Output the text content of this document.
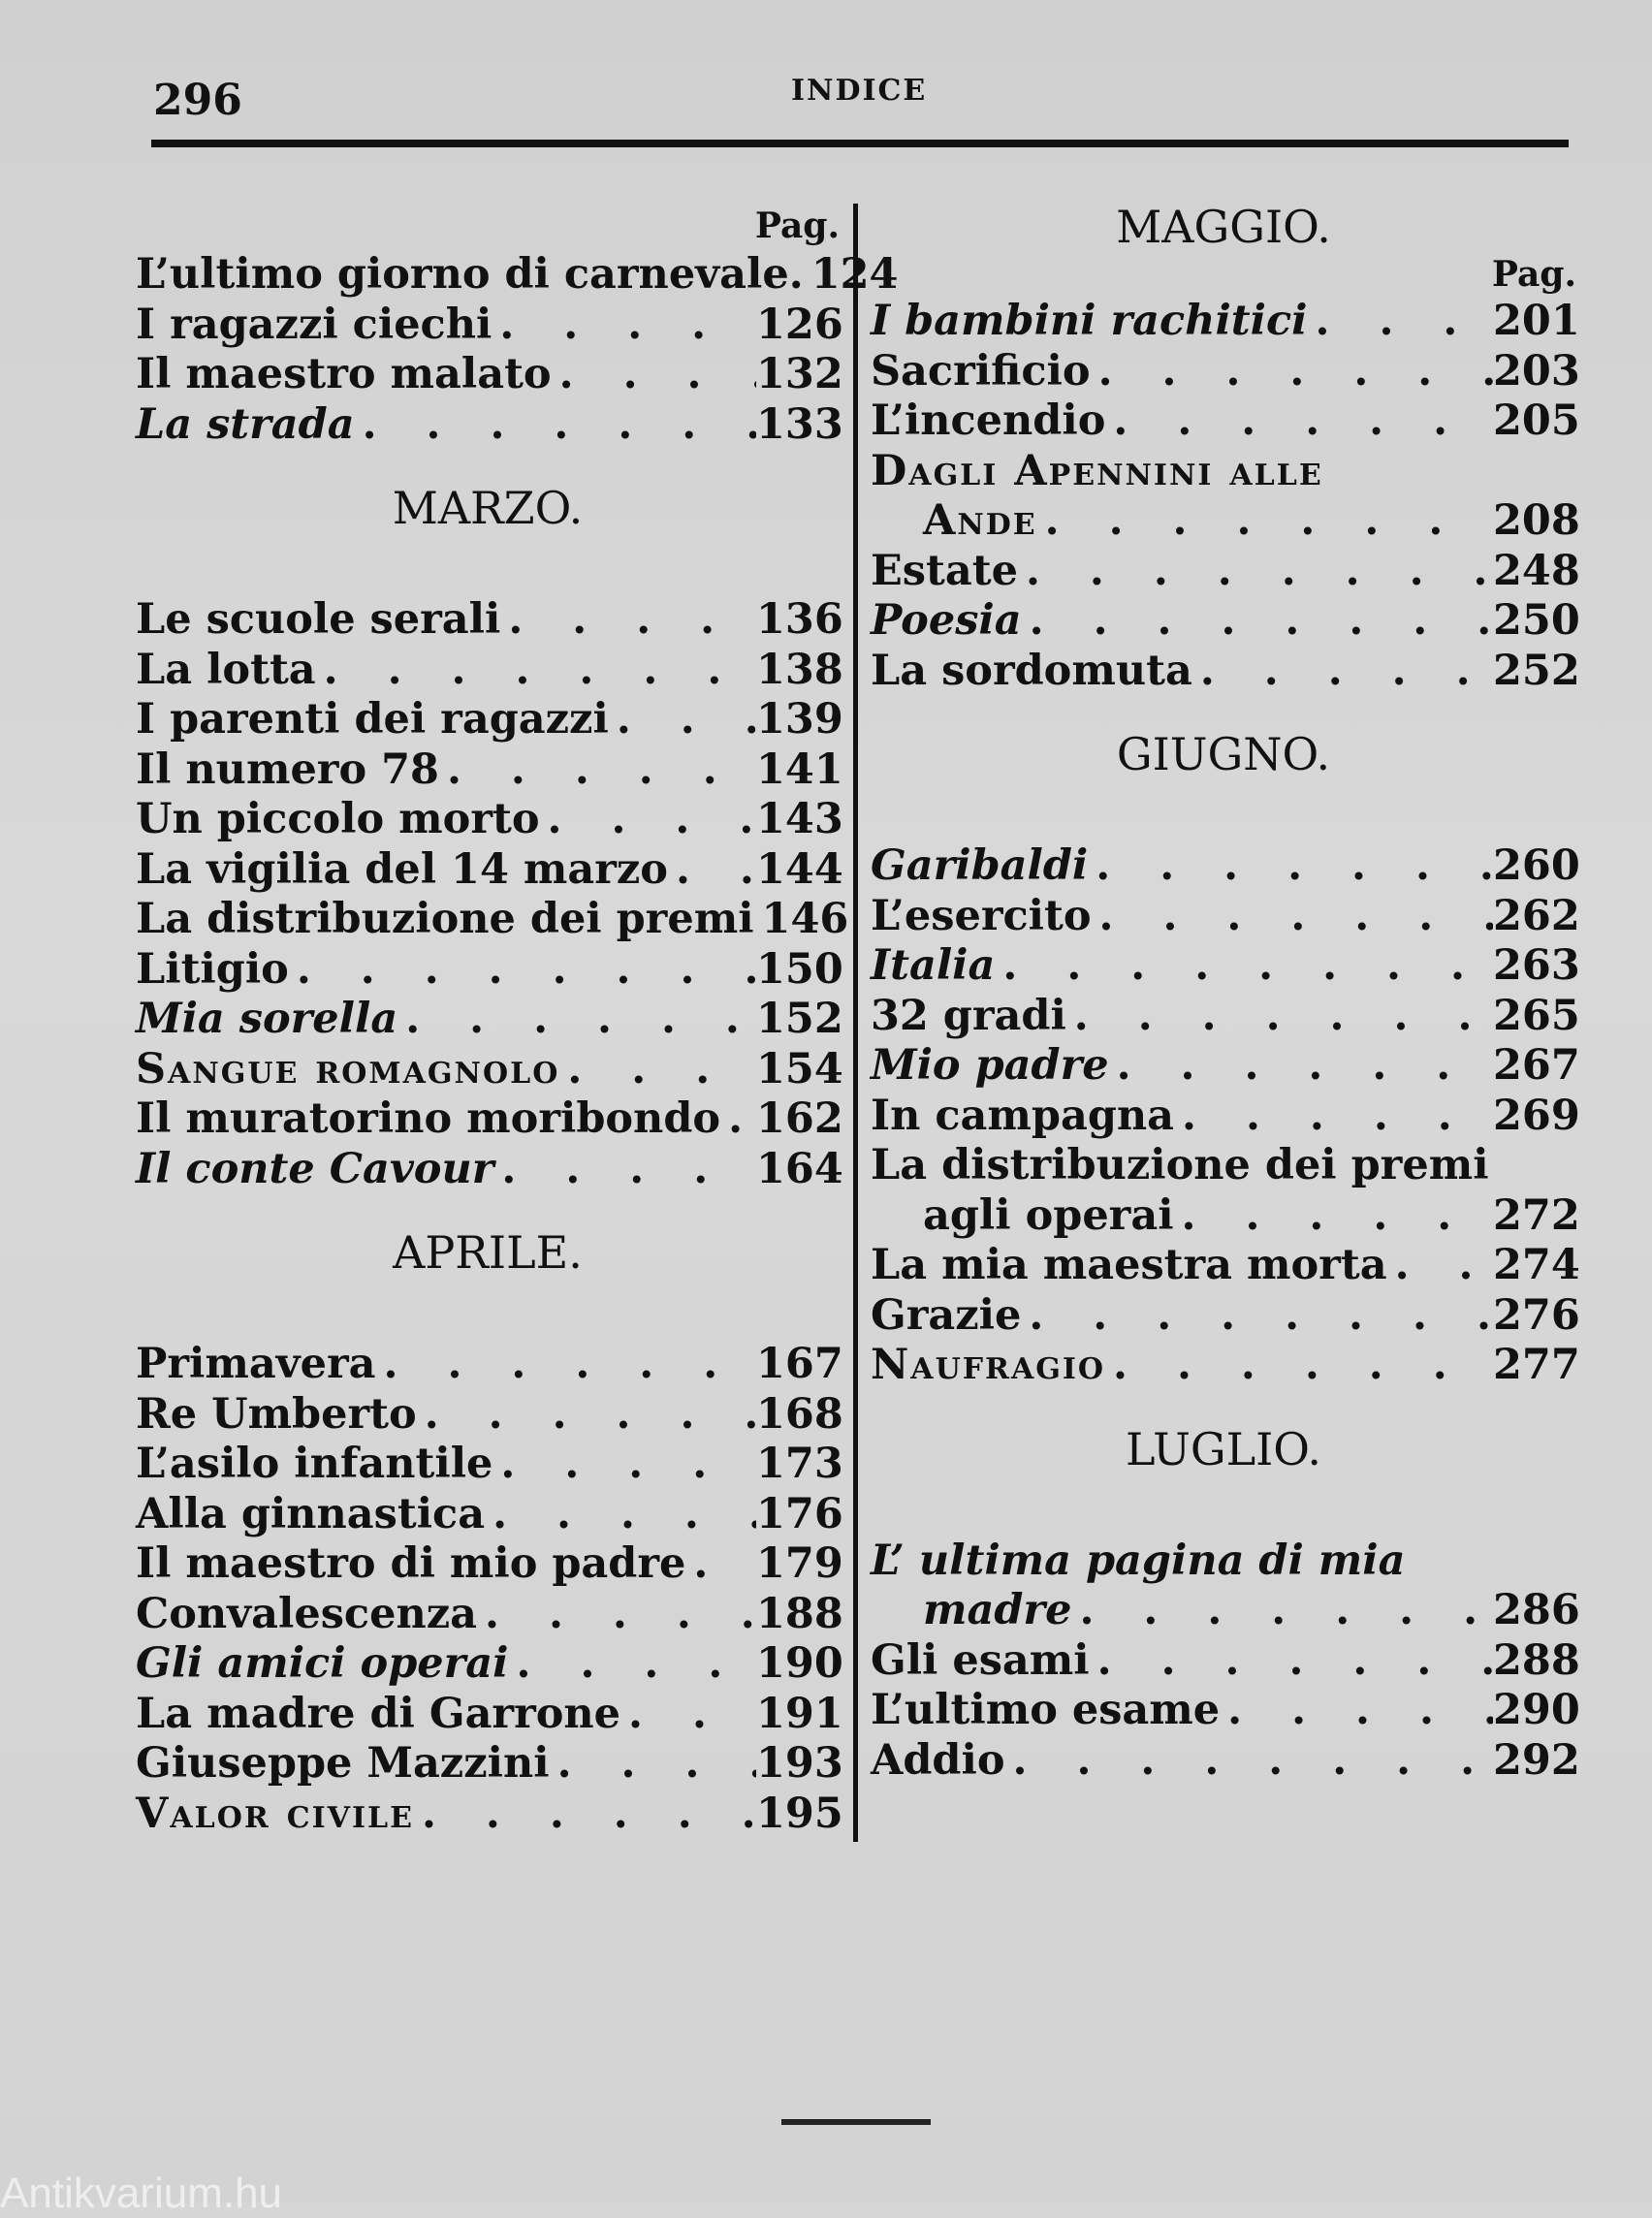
296	INDICE
Pag.
L’ultimo giorno di carnevale. 124
I ragazzi ciechi . . .	126
Il maestro malato . . .	132
La strada . . .	133
MARZO.
Le scuole serali . . .	136
La lotta . . .	138
I parenti dei ragazzi . . .	139
Il numero 78 . . .	141
Un piccolo morto . . .	143
La vigilia del 14 marzo . . . 144
La distribuzione dei premi . . . 146
Litigio . . .	150
Mia sorella . . .	152
Sangue romagnolo . . .	154
Il muratorino moribondo . . . 162
Il conte Cavour . . .	164
APRILE.
Primavera . . .	167
Re Umberto . . .	168
L’asilo infantile . . .	173
Alla ginnastica . . .	176
Il maestro di mio padre . . . 179
Convalescenza . . .	188
Gli amici operai . . .	190
La madre di Garrone . . .	191
Giuseppe Mazzini . . .	193
Valor civile . . .	195
MAGGIO.
Pag.
I bambini rachitici . . .	201
Sacrificio . . .	203
L’incendio . . .	205
Dagli Apennini alle
Ande . . .	208
Estate . . .	248
Poesia . . .	250
La sordomuta . . .	252
GIUGNO.
Garibaldi . . .	260
L’esercito . . .	262
Italia . . .	263
32 gradi . . .	265
Mio padre . . .	267
In campagna . . .	269
La distribuzione dei premi
agli operai . . .	272
La mia maestra morta . . .	274
Grazie . . .	276
Naufragio . . .	277
LUGLIO.
L’ ultima pagina di mia
madre . . .	286
Gli esami . . .	288
L’ultimo esame . . .	290
Addio . . .	292
Antikvarium.hu
